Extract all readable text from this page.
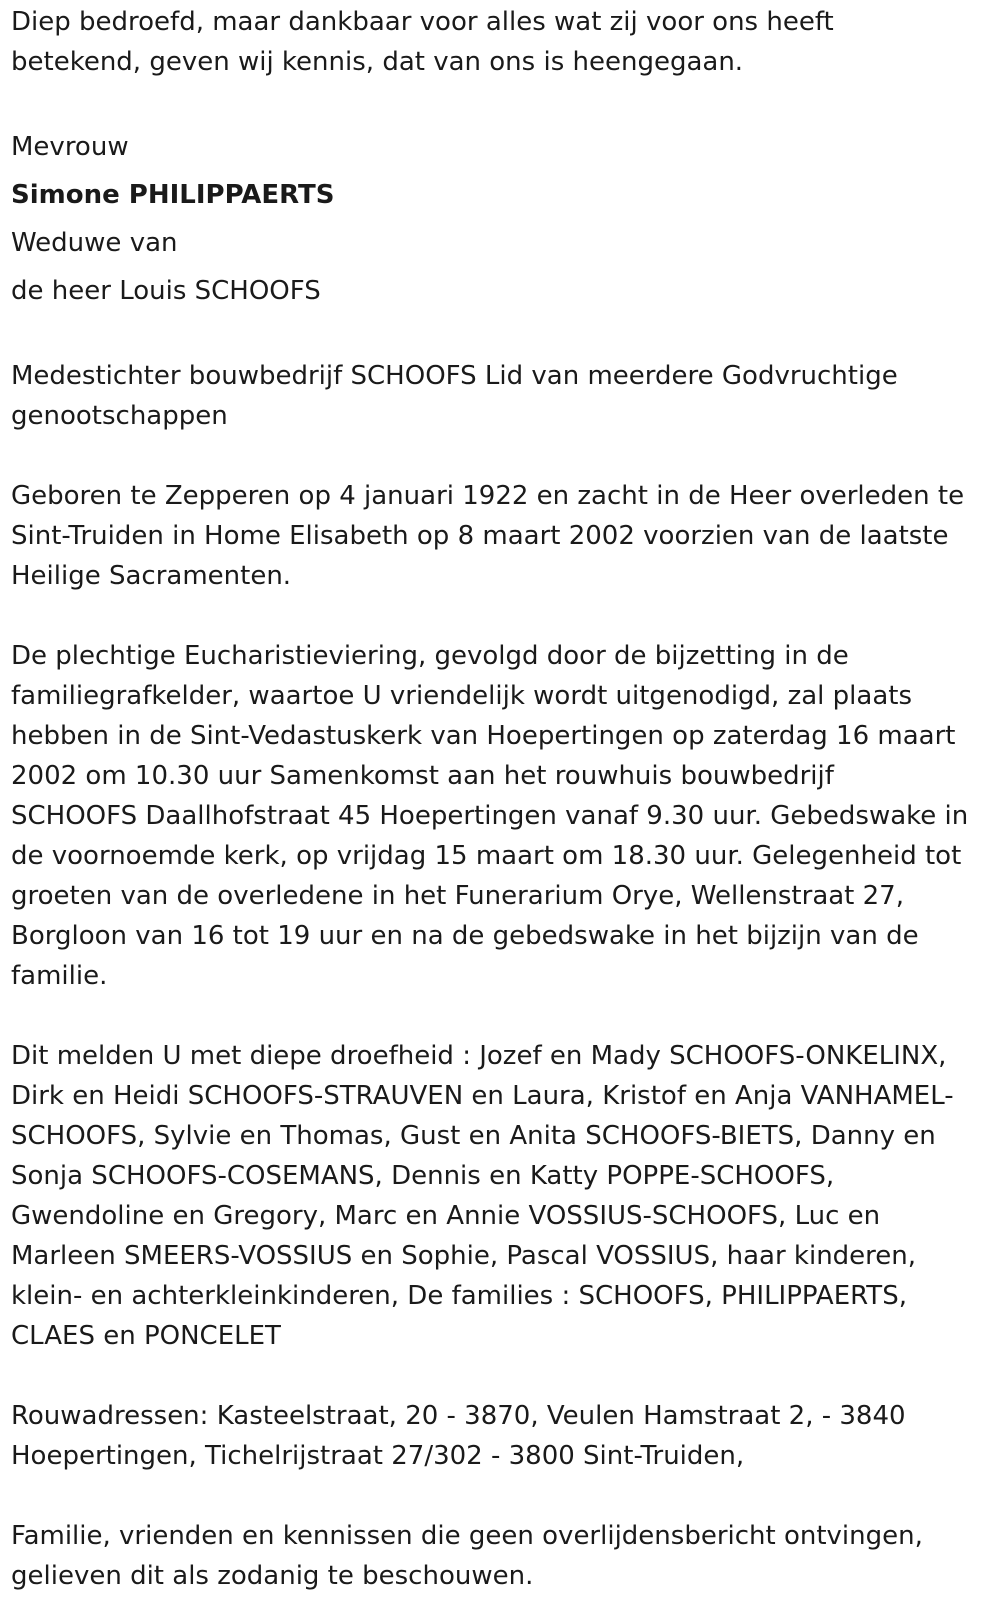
Diep bedroefd, maar dankbaar voor alles wat zij voor ons heeft

betekend, geven wij kennis, dat van ons is heengegaan.

Mevrouw

Simone PHILIPPAERTS

Weduwe van

de heer Louis SCHOOFS

Medestichter bouwbedrijf SCHOOFS Lid van meerdere Godvruchtige

genootschappen

Geboren te Zepperen op 4 januari 1922 en zacht in de Heer overleden te

Sint-Truiden in Home Elisabeth op 8 maart 2002 voorzien van de laatste

Heilige Sacramenten.

De plechtige Eucharistieviering, gevolgd door de bijzetting in de

familiegrafkelder, waartoe U vriendelijk wordt uitgenodigd, zal plaats

hebben in de Sint-Vedastuskerk van Hoepertingen op zaterdag 16 maart

2002 om 10.30 uur Samenkomst aan het rouwhuis bouwbedrijf

SCHOOFS Daallhofstraat 45 Hoepertingen vanaf 9.30 uur. Gebedswake in

de voornoemde kerk, op vrijdag 15 maart om 18.30 uur. Gelegenheid tot

groeten van de overledene in het Funerarium Orye, Wellenstraat 27,

Borgloon van 16 tot 19 uur en na de gebedswake in het bijzijn van de

familie.

Dit melden U met diepe droefheid : Jozef en Mady SCHOOFS-ONKELINX,

Dirk en Heidi SCHOOFS-STRAUVEN en Laura, Kristof en Anja VANHAMEL-

SCHOOFS, Sylvie en Thomas, Gust en Anita SCHOOFS-BIETS, Danny en

Sonja SCHOOFS-COSEMANS, Dennis en Katty POPPE-SCHOOFS,

Gwendoline en Gregory, Marc en Annie VOSSIUS-SCHOOFS, Luc en

Marleen SMEERS-VOSSIUS en Sophie, Pascal VOSSIUS, haar kinderen,

klein- en achterkleinkinderen, De families : SCHOOFS, PHILIPPAERTS,

CLAES en PONCELET

Rouwadressen: Kasteelstraat, 20 - 3870, Veulen Hamstraat 2, - 3840

Hoepertingen, Tichelrijstraat 27/302 - 3800 Sint-Truiden,

Familie, vrienden en kennissen die geen overlijdensbericht ontvingen,

gelieven dit als zodanig te beschouwen.
